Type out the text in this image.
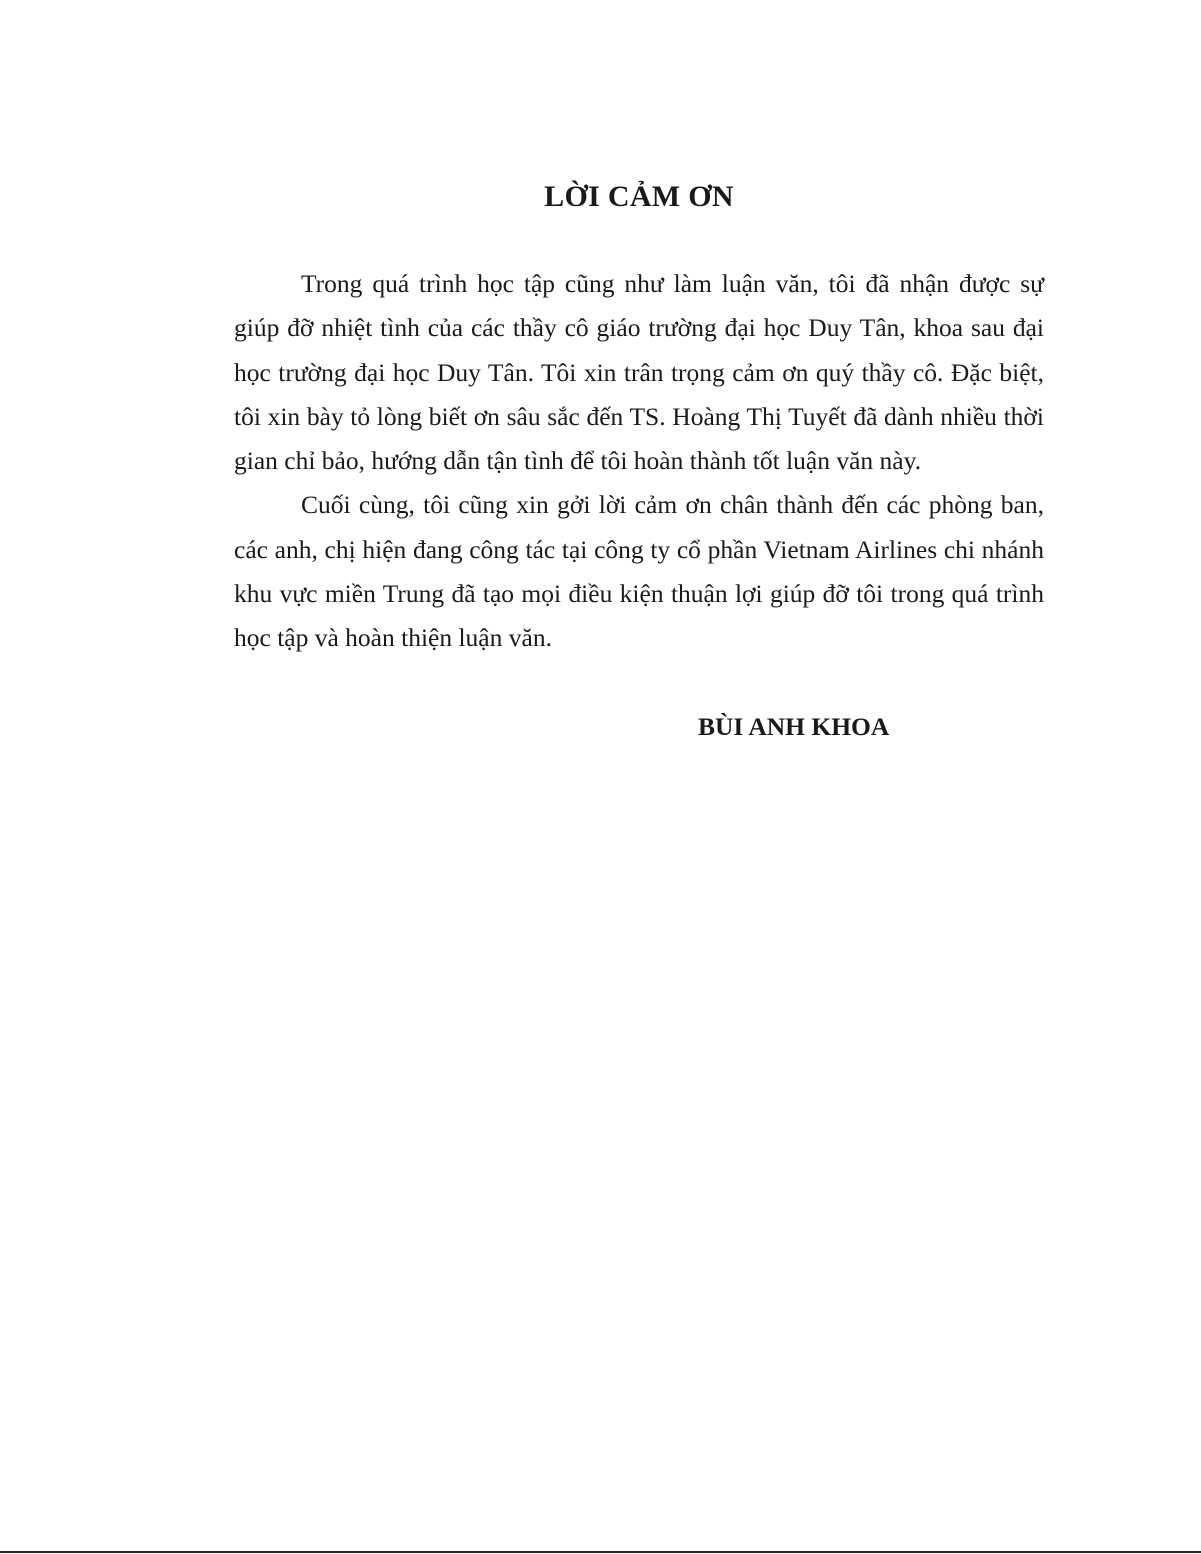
LỜI CẢM ƠN

Trong quá trình học tập cũng như làm luận văn, tôi đã nhận được sự giúp đỡ nhiệt tình của các thầy cô giáo trường đại học Duy Tân, khoa sau đại học trường đại học Duy Tân. Tôi xin trân trọng cảm ơn quý thầy cô. Đặc biệt, tôi xin bày tỏ lòng biết ơn sâu sắc đến TS. Hoàng Thị Tuyết đã dành nhiều thời gian chỉ bảo, hướng dẫn tận tình để tôi hoàn thành tốt luận văn này.

Cuối cùng, tôi cũng xin gởi lời cảm ơn chân thành đến các phòng ban, các anh, chị hiện đang công tác tại công ty cổ phần Vietnam Airlines chi nhánh khu vực miền Trung đã tạo mọi điều kiện thuận lợi giúp đỡ tôi trong quá trình học tập và hoàn thiện luận văn.

BÙI ANH KHOA
